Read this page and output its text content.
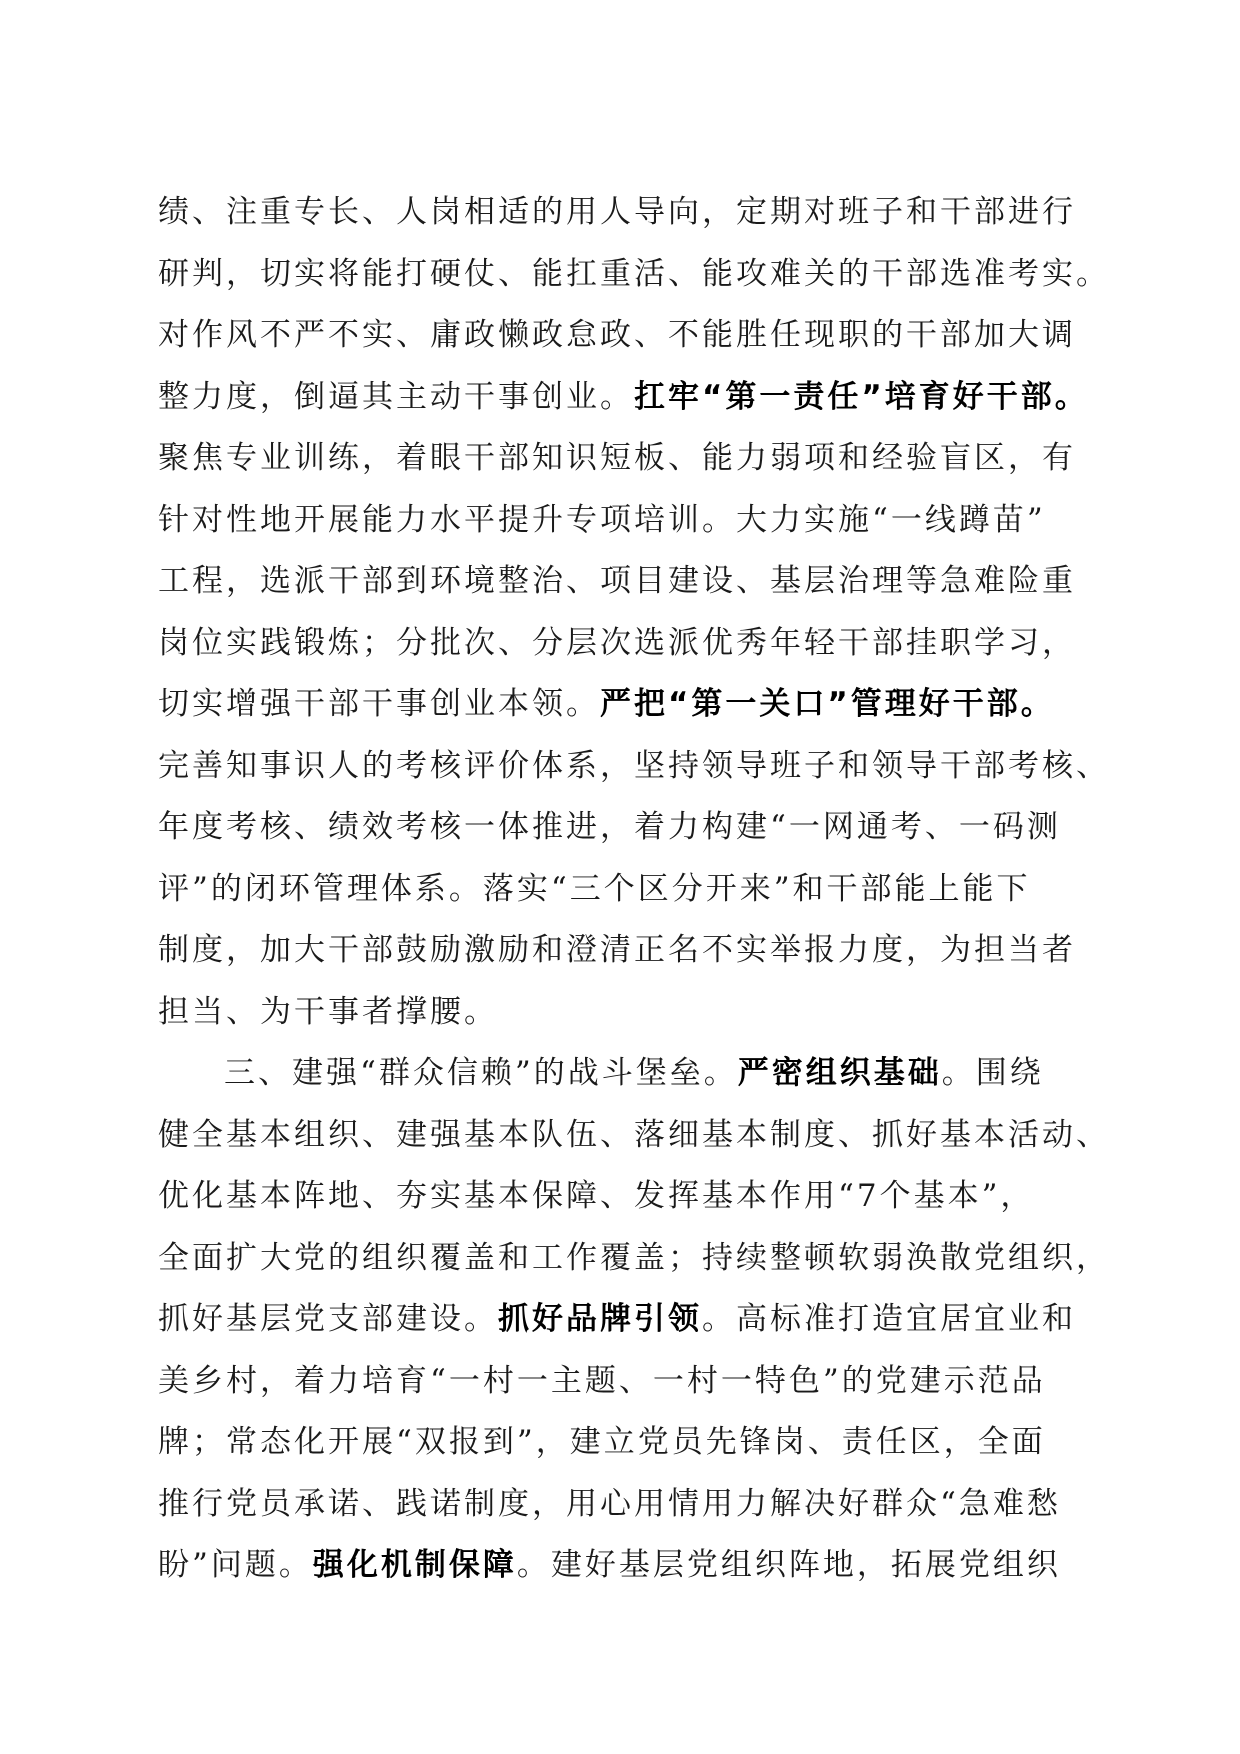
绩、注重专长、人岗相适的用人导向，定期对班子和干部进行
研判，切实将能打硬仗、能扛重活、能攻难关的干部选准考实。
对作风不严不实、庸政懒政怠政、不能胜任现职的干部加大调
整力度，倒逼其主动干事创业。扛牢“第一责任”培育好干部。
聚焦专业训练，着眼干部知识短板、能力弱项和经验盲区，有
针对性地开展能力水平提升专项培训。大力实施“一线蹲苗”
工程，选派干部到环境整治、项目建设、基层治理等急难险重
岗位实践锻炼；分批次、分层次选派优秀年轻干部挂职学习，
切实增强干部干事创业本领。严把“第一关口”管理好干部。
完善知事识人的考核评价体系，坚持领导班子和领导干部考核、
年度考核、绩效考核一体推进，着力构建“一网通考、一码测
评”的闭环管理体系。落实“三个区分开来”和干部能上能下
制度，加大干部鼓励激励和澄清正名不实举报力度，为担当者
担当、为干事者撑腰。
三、建强“群众信赖”的战斗堡垒。严密组织基础。围绕
健全基本组织、建强基本队伍、落细基本制度、抓好基本活动、
优化基本阵地、夯实基本保障、发挥基本作用“7个基本”，
全面扩大党的组织覆盖和工作覆盖；持续整顿软弱涣散党组织，
抓好基层党支部建设。抓好品牌引领。高标准打造宜居宜业和
美乡村，着力培育“一村一主题、一村一特色”的党建示范品
牌；常态化开展“双报到”，建立党员先锋岗、责任区，全面
推行党员承诺、践诺制度，用心用情用力解决好群众“急难愁
盼”问题。强化机制保障。建好基层党组织阵地，拓展党组织
